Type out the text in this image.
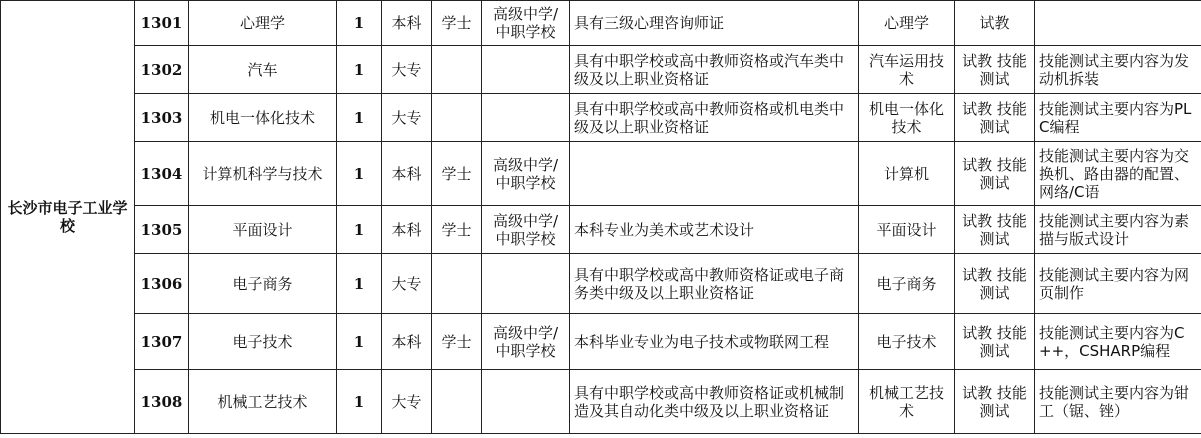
长沙市电子工业学校	1301	心理学	1	本科	学士	高级中学/ 中职学校	具有三级心理咨询师证	心理学	试教	
	1302	汽车	1	大专			具有中职学校或高中教师资格或汽车类中级及以上职业资格证	汽车运用技术	试教 技能测试	技能测试主要内容为发动机拆装
	1303	机电一体化技术	1	大专			具有中职学校或高中教师资格或机电类中级及以上职业资格证	机电一体化技术	试教 技能测试	技能测试主要内容为PLC编程
	1304	计算机科学与技术	1	本科	学士	高级中学/ 中职学校		计算机	试教 技能测试	技能测试主要内容为交换机、路由器的配置、网络/C语
	1305	平面设计	1	本科	学士	高级中学/ 中职学校	本科专业为美术或艺术设计	平面设计	试教 技能测试	技能测试主要内容为素描与版式设计
	1306	电子商务	1	大专			具有中职学校或高中教师资格证或电子商务类中级及以上职业资格证	电子商务	试教 技能测试	技能测试主要内容为网页制作
	1307	电子技术	1	本科	学士	高级中学/ 中职学校	本科毕业专业为电子技术或物联网工程	电子技术	试教 技能测试	技能测试主要内容为C++，CSHARP编程
	1308	机械工艺技术	1	大专			具有中职学校或高中教师资格证或机械制造及其自动化类中级及以上职业资格证	机械工艺技术	试教 技能测试	技能测试主要内容为钳工（锯、锉）
